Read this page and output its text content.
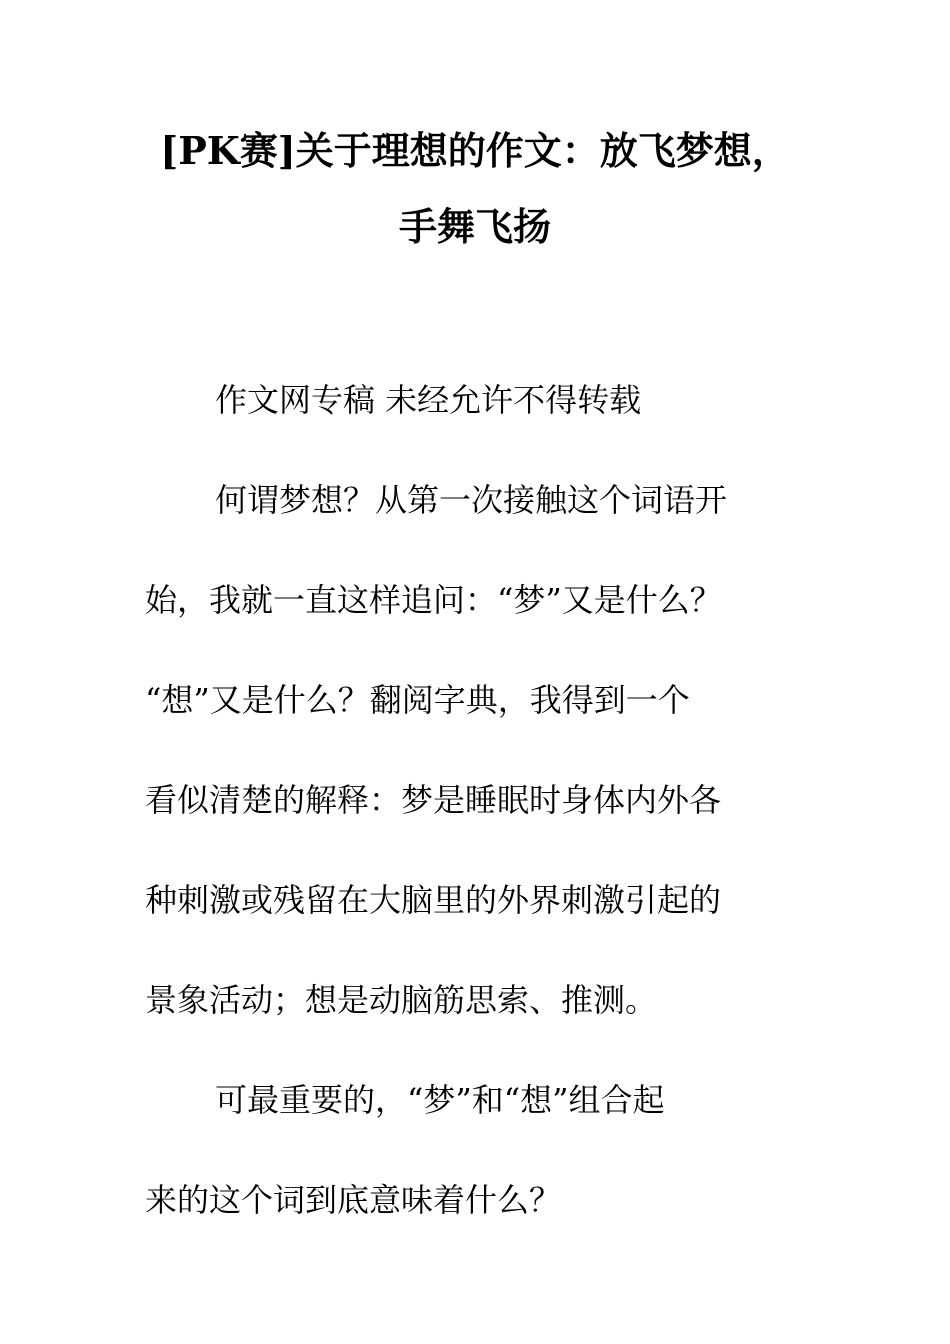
[PK赛]关于理想的作文：放飞梦想，
手舞飞扬
作文网专稿 未经允许不得转载
何谓梦想？从第一次接触这个词语开
始，我就一直这样追问：“梦”又是什么？
“想”又是什么？翻阅字典，我得到一个
看似清楚的解释：梦是睡眠时身体内外各
种刺激或残留在大脑里的外界刺激引起的
景象活动；想是动脑筋思索、推测。
可最重要的，“梦”和“想”组合起
来的这个词到底意味着什么？
